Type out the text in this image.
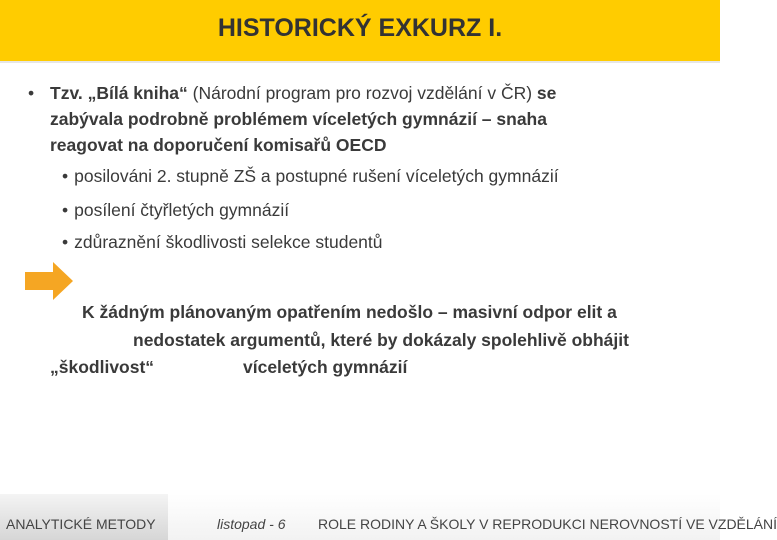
HISTORICKÝ EXKURZ I.
• Tzv. „Bílá kniha“ (Národní program pro rozvoj vzdělání v ČR) se
zabývala podrobně problémem víceletých gymnázií – snaha
reagovat na doporučení komisařů OECD
• posilováni 2. stupně ZŠ a postupné rušení víceletých gymnázií
• posílení čtyřletých gymnázií
• zdůraznění škodlivosti selekce studentů
K žádným plánovaným opatřením nedošlo – masivní odpor elit a
nedostatek argumentů, které by dokázaly spolehlivě obhájit
„škodlivost“	víceletých gymnázií
ANALYTICKÉ METODY	listopad - 6 ROLE RODINY A ŠKOLY V REPRODUKCI NEROVNOSTÍ VE VZDĚLÁNÍ
